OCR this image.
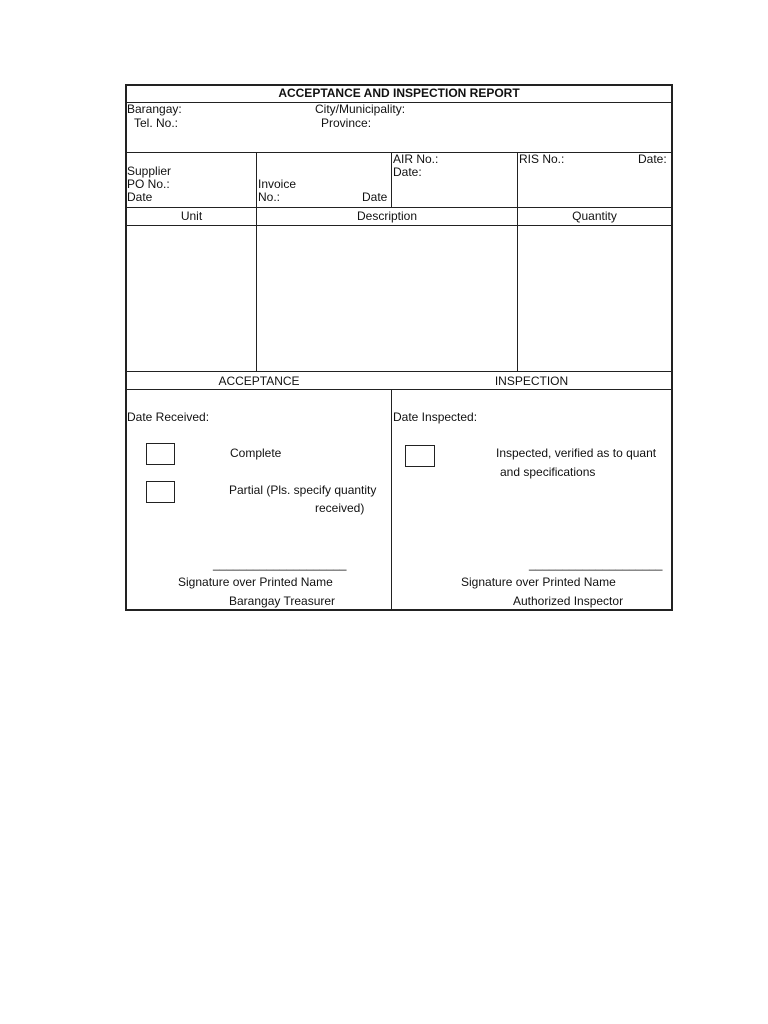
ACCEPTANCE AND INSPECTION REPORT
Barangay:	City/Municipality:
Tel. No.:	Province:
Supplier
PO No.:
Date
Invoice
No.:	Date
AIR No.:
Date:
RIS No.:	Date:
Unit	Description	Quantity
ACCEPTANCE	INSPECTION
Date Received:
Complete
Partial (Pls. specify quantity
received)
____________________
Signature over Printed Name
Barangay Treasurer
Date Inspected:
Inspected, verified as to quant
and specifications
____________________
Signature over Printed Name
Authorized Inspector
